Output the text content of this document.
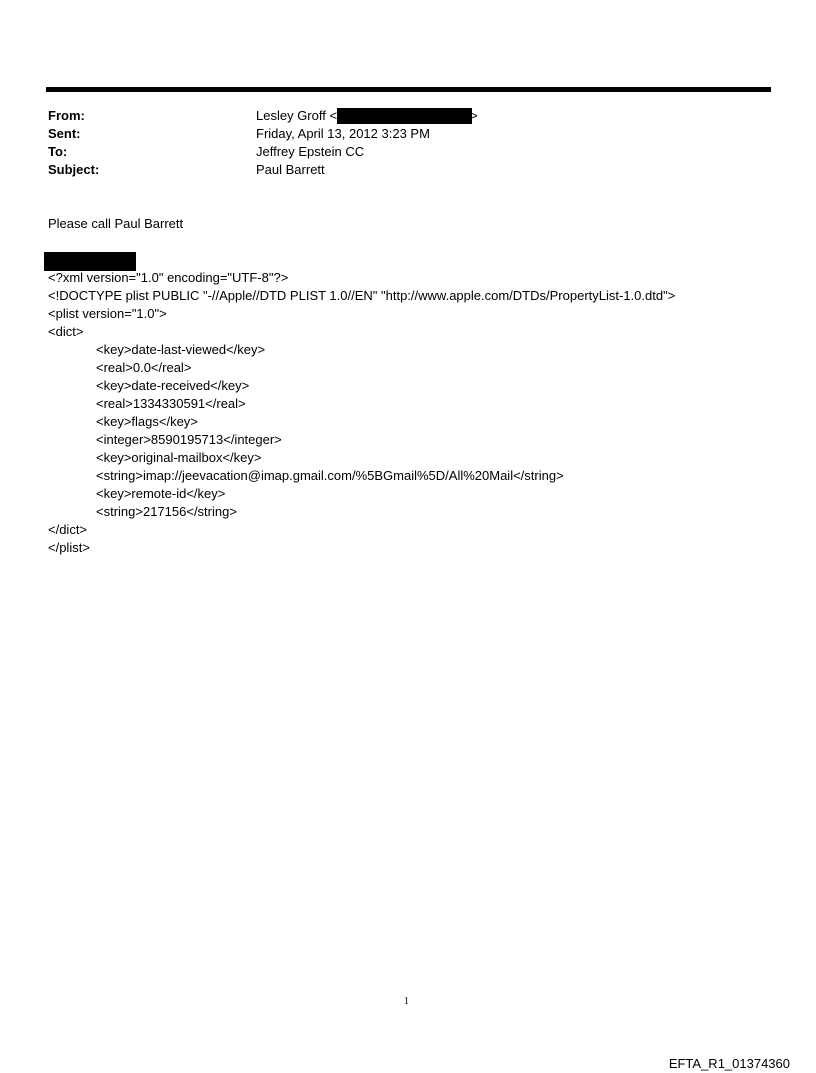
From:
Sent:
To:
Subject:
Lesley Groff <	>
Friday, April 13, 2012 3:23 PM
Jeffrey Epstein CC
Paul Barrett
Please call Paul Barrett
<?xml version="1.0" encoding="UTF-8"?>
<!DOCTYPE plist PUBLIC "-//Apple//DTD PLIST 1.0//EN" "http://www.apple.com/DTDs/PropertyList-1.0.dtd">
<plist version="1.0">
<dict>
<key>date-last-viewed</key>
<real>0.0</real>
<key>date-received</key>
<real>1334330591</real>
<key>flags</key>
<integer>8590195713</integer>
<key>original-mailbox</key>
<string>imap://jeevacation@imap.gmail.com/%5BGmail%5D/All%20Mail</string>
<key>remote-id</key>
<string>217156</string>
</dict>
</plist>
1
EFTA_R1_01374360
